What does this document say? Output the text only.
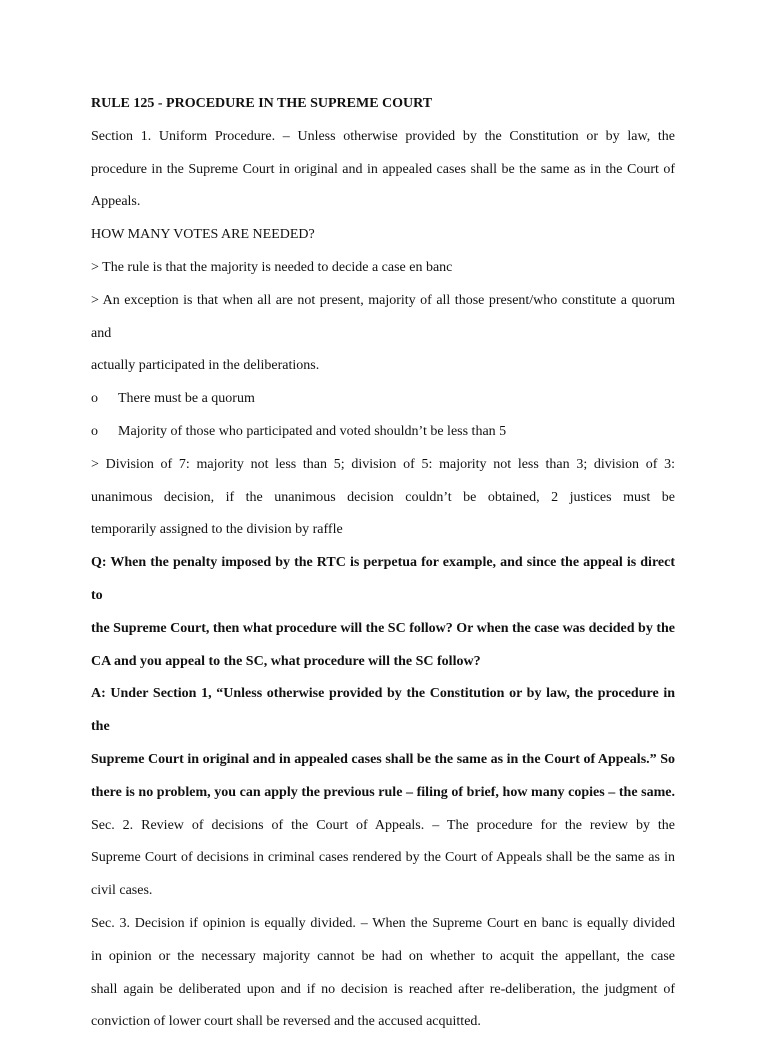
RULE 125 - PROCEDURE IN THE SUPREME COURT
Section 1. Uniform Procedure. – Unless otherwise provided by the Constitution or by law, the
procedure in the Supreme Court in original and in appealed cases shall be the same as in the Court of
Appeals.
HOW MANY VOTES ARE NEEDED?
> The rule is that the majority is needed to decide a case en banc
> An exception is that when all are not present, majority of all those present/who constitute a quorum and
actually participated in the deliberations.
o	There must be a quorum
o	Majority of those who participated and voted shouldn’t be less than 5
> Division of 7: majority not less than 5; division of 5: majority not less than 3; division of 3:
unanimous decision, if the unanimous decision couldn’t be obtained, 2 justices must be
temporarily assigned to the division by raffle
Q: When the penalty imposed by the RTC is perpetua for example, and since the appeal is direct to
the Supreme Court, then what procedure will the SC follow? Or when the case was decided by the
CA and you appeal to the SC, what procedure will the SC follow?
A: Under Section 1, “Unless otherwise provided by the Constitution or by law, the procedure in the
Supreme Court in original and in appealed cases shall be the same as in the Court of Appeals.” So
there is no problem, you can apply the previous rule – filing of brief, how many copies – the same.
Sec. 2. Review of decisions of the Court of Appeals. – The procedure for the review by the
Supreme Court of decisions in criminal cases rendered by the Court of Appeals shall be the same as in
civil cases.
Sec. 3. Decision if opinion is equally divided. – When the Supreme Court en banc is equally divided
in opinion or the necessary majority cannot be had on whether to acquit the appellant, the case
shall again be deliberated upon and if no decision is reached after re-deliberation, the judgment of
conviction of lower court shall be reversed and the accused acquitted.
